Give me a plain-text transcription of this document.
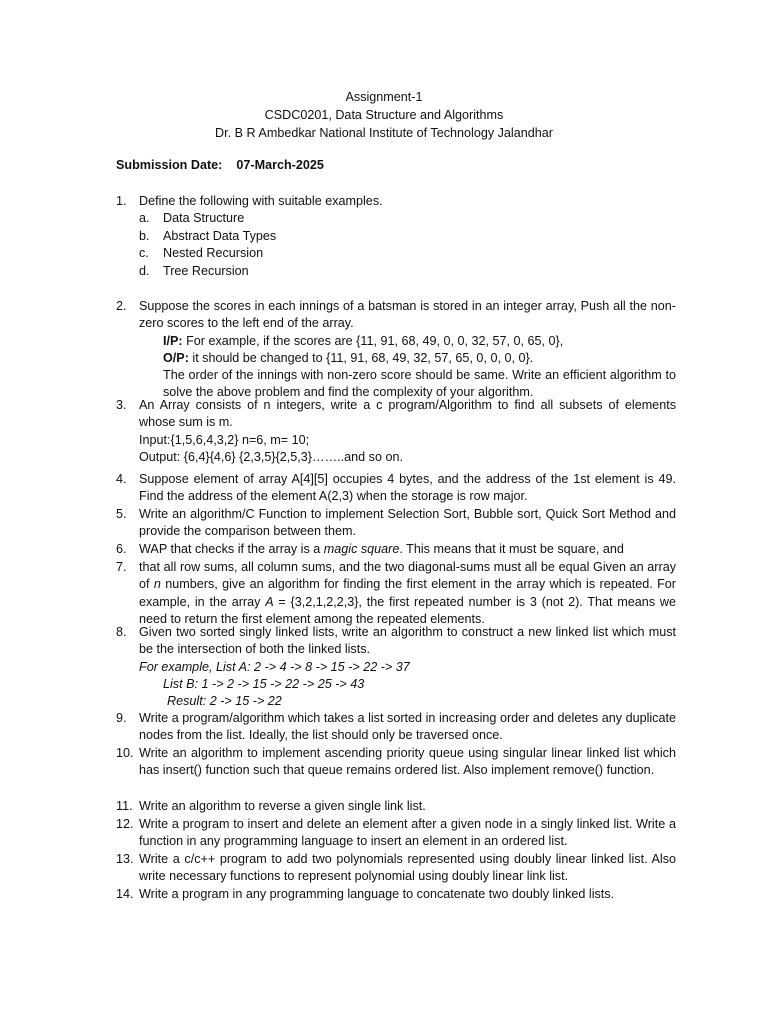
Assignment-1
CSDC0201, Data Structure and Algorithms
Dr. B R Ambedkar National Institute of Technology Jalandhar
Submission Date: 07-March-2025
1. Define the following with suitable examples.
a. Data Structure
b. Abstract Data Types
c. Nested Recursion
d. Tree Recursion
2. Suppose the scores in each innings of a batsman is stored in an integer array, Push all the non-zero scores to the left end of the array.
I/P: For example, if the scores are {11, 91, 68, 49, 0, 0, 32, 57, 0, 65, 0},
O/P: it should be changed to {11, 91, 68, 49, 32, 57, 65, 0, 0, 0, 0}.
The order of the innings with non-zero score should be same. Write an efficient algorithm to solve the above problem and find the complexity of your algorithm.
3. An Array consists of n integers, write a c program/Algorithm to find all subsets of elements whose sum is m.
Input:{1,5,6,4,3,2} n=6, m= 10;
Output: {6,4}{4,6} {2,3,5}{2,5,3}……..and so on.
4. Suppose element of array A[4][5] occupies 4 bytes, and the address of the 1st element is 49. Find the address of the element A(2,3) when the storage is row major.
5. Write an algorithm/C Function to implement Selection Sort, Bubble sort, Quick Sort Method and provide the comparison between them.
6. WAP that checks if the array is a magic square. This means that it must be square, and
7. that all row sums, all column sums, and the two diagonal-sums must all be equal Given an array of n numbers, give an algorithm for finding the first element in the array which is repeated. For example, in the array A = {3,2,1,2,2,3}, the first repeated number is 3 (not 2). That means we need to return the first element among the repeated elements.
8. Given two sorted singly linked lists, write an algorithm to construct a new linked list which must be the intersection of both the linked lists.
For example, List A: 2 -> 4 -> 8 -> 15 -> 22 -> 37
List B: 1 -> 2 -> 15 -> 22 -> 25 -> 43
Result: 2 -> 15 -> 22
9. Write a program/algorithm which takes a list sorted in increasing order and deletes any duplicate nodes from the list. Ideally, the list should only be traversed once.
10. Write an algorithm to implement ascending priority queue using singular linear linked list which has insert() function such that queue remains ordered list. Also implement remove() function.
11. Write an algorithm to reverse a given single link list.
12. Write a program to insert and delete an element after a given node in a singly linked list. Write a function in any programming language to insert an element in an ordered list.
13. Write a c/c++ program to add two polynomials represented using doubly linear linked list. Also write necessary functions to represent polynomial using doubly linear link list.
14. Write a program in any programming language to concatenate two doubly linked lists.
